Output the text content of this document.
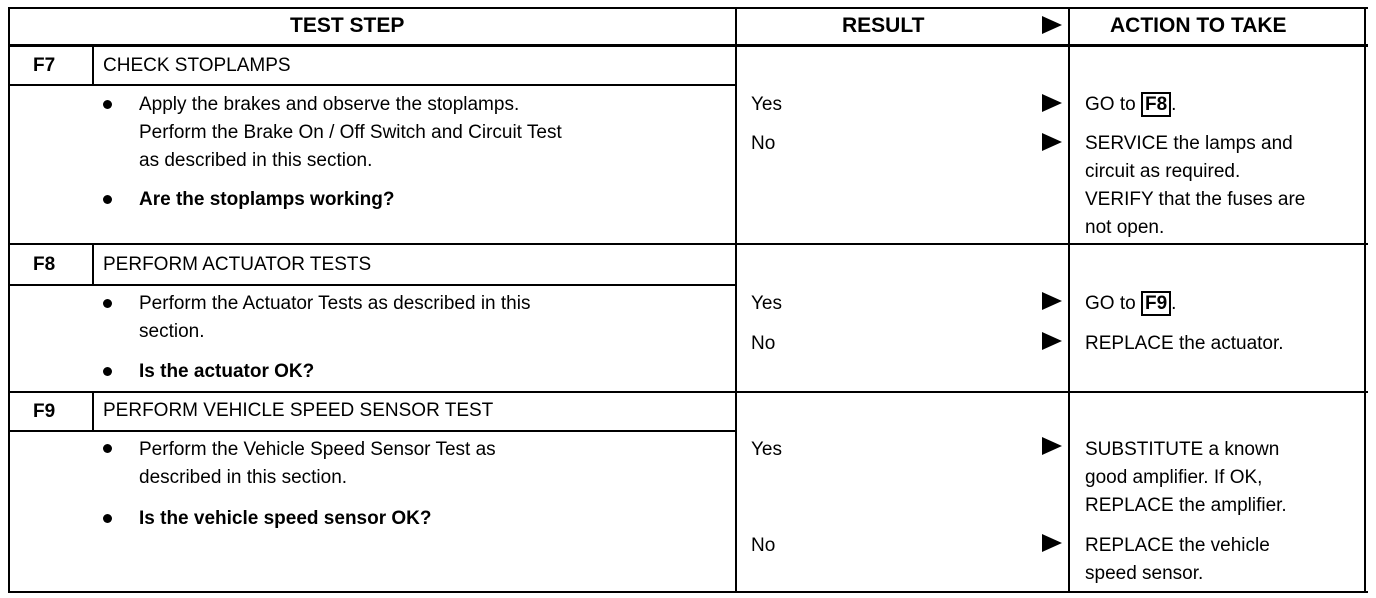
TEST STEP	RESULT	ACTION TO TAKE
F7	CHECK STOPLAMPS
Apply the brakes and observe the stoplamps.
Perform the Brake On / Off Switch and Circuit Test
as described in this section.
Are the stoplamps working?
Yes	GO to F8 .
No	SERVICE the lamps and
circuit as required.
VERIFY that the fuses are
not open.
F8	PERFORM ACTUATOR TESTS
Perform the Actuator Tests as described in this
section.
Is the actuator OK?
Yes	GO to F9 .
No	REPLACE the actuator.
F9	PERFORM VEHICLE SPEED SENSOR TEST
Perform the Vehicle Speed Sensor Test as
described in this section.
Is the vehicle speed sensor OK?
Yes	SUBSTITUTE a known
good amplifier. If OK,
REPLACE the amplifier.
No	REPLACE the vehicle
speed sensor.
